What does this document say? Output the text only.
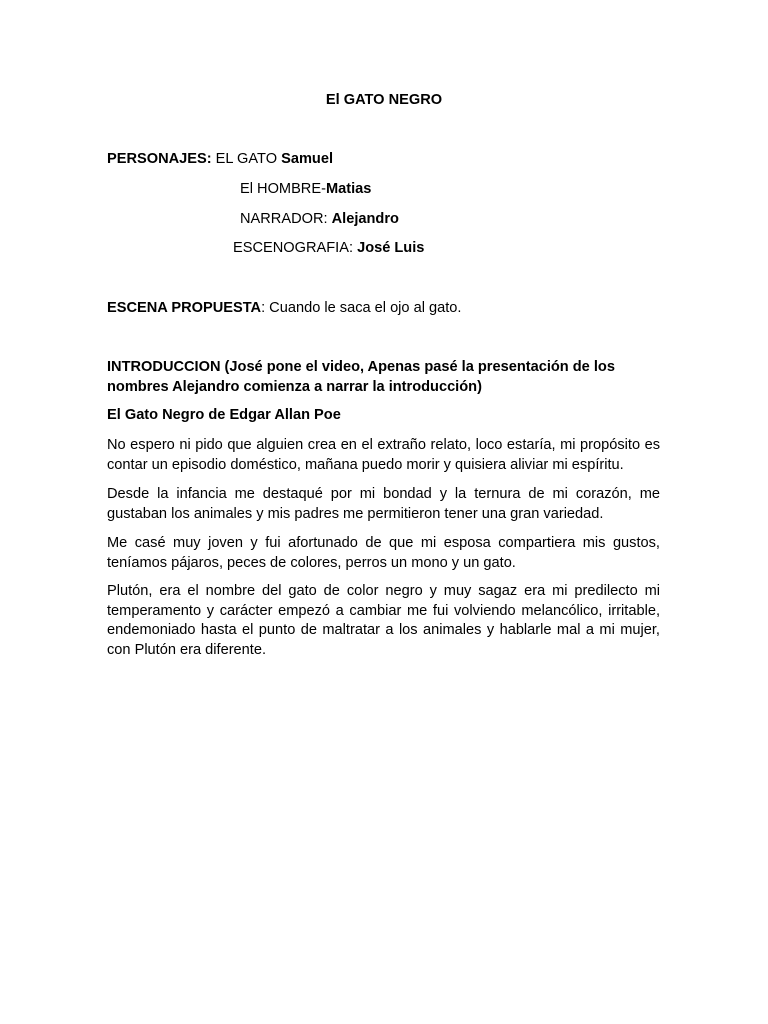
El GATO NEGRO
PERSONAJES: EL GATO Samuel
El HOMBRE-Matias
NARRADOR: Alejandro
ESCENOGRAFIA: José Luis
ESCENA PROPUESTA: Cuando le saca el ojo al gato.

INTRODUCCION (José pone el video, Apenas pasé la presentación de los nombres Alejandro comienza a narrar la introducción)

El Gato Negro de Edgar Allan Poe

No espero ni pido que alguien crea en el extraño relato, loco estaría, mi propósito es contar un episodio doméstico, mañana puedo morir y quisiera aliviar mi espíritu.

Desde la infancia me destaqué por mi bondad y la ternura de mi corazón, me gustaban los animales y mis padres me permitieron tener una gran variedad.

Me casé muy joven y fui afortunado de que mi esposa compartiera mis gustos, teníamos pájaros, peces de colores, perros un mono y un gato.

Plutón, era el nombre del gato de color negro y muy sagaz era mi predilecto mi temperamento y carácter empezó a cambiar me fui volviendo melancólico, irritable, endemoniado hasta el punto de maltratar a los animales y hablarle mal a mi mujer, con Plutón era diferente.
